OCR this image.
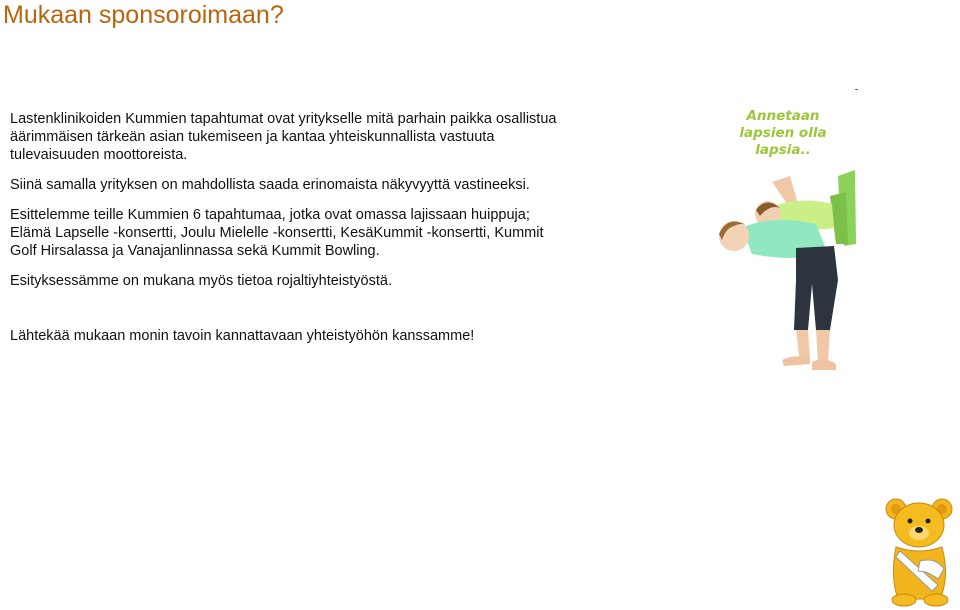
Mukaan sponsoroimaan?

Lastenklinikoiden Kummien tapahtumat ovat yritykselle mitä parhain paikka osallistua äärimmäisen tärkeän asian tukemiseen ja kantaa yhteiskunnallista vastuuta tulevaisuuden moottoreista.

Siinä samalla yrityksen on mahdollista saada erinomaista näkyvyyttä vastineeksi.

Esittelemme teille Kummien 6 tapahtumaa, jotka ovat omassa lajissaan huippuja; Elämä Lapselle -konsertti, Joulu Mielelle -konsertti, KesäKummit -konsertti, Kummit Golf Hirsalassa ja Vanajanlinnassa sekä Kummit Bowling.

Esityksessämme on mukana myös tietoa rojaltiyhteistyöstä.

Lähtekää mukaan monin tavoin kannattavaan yhteistyöhön kanssamme!

Annetaan lapsien olla lapsia..
